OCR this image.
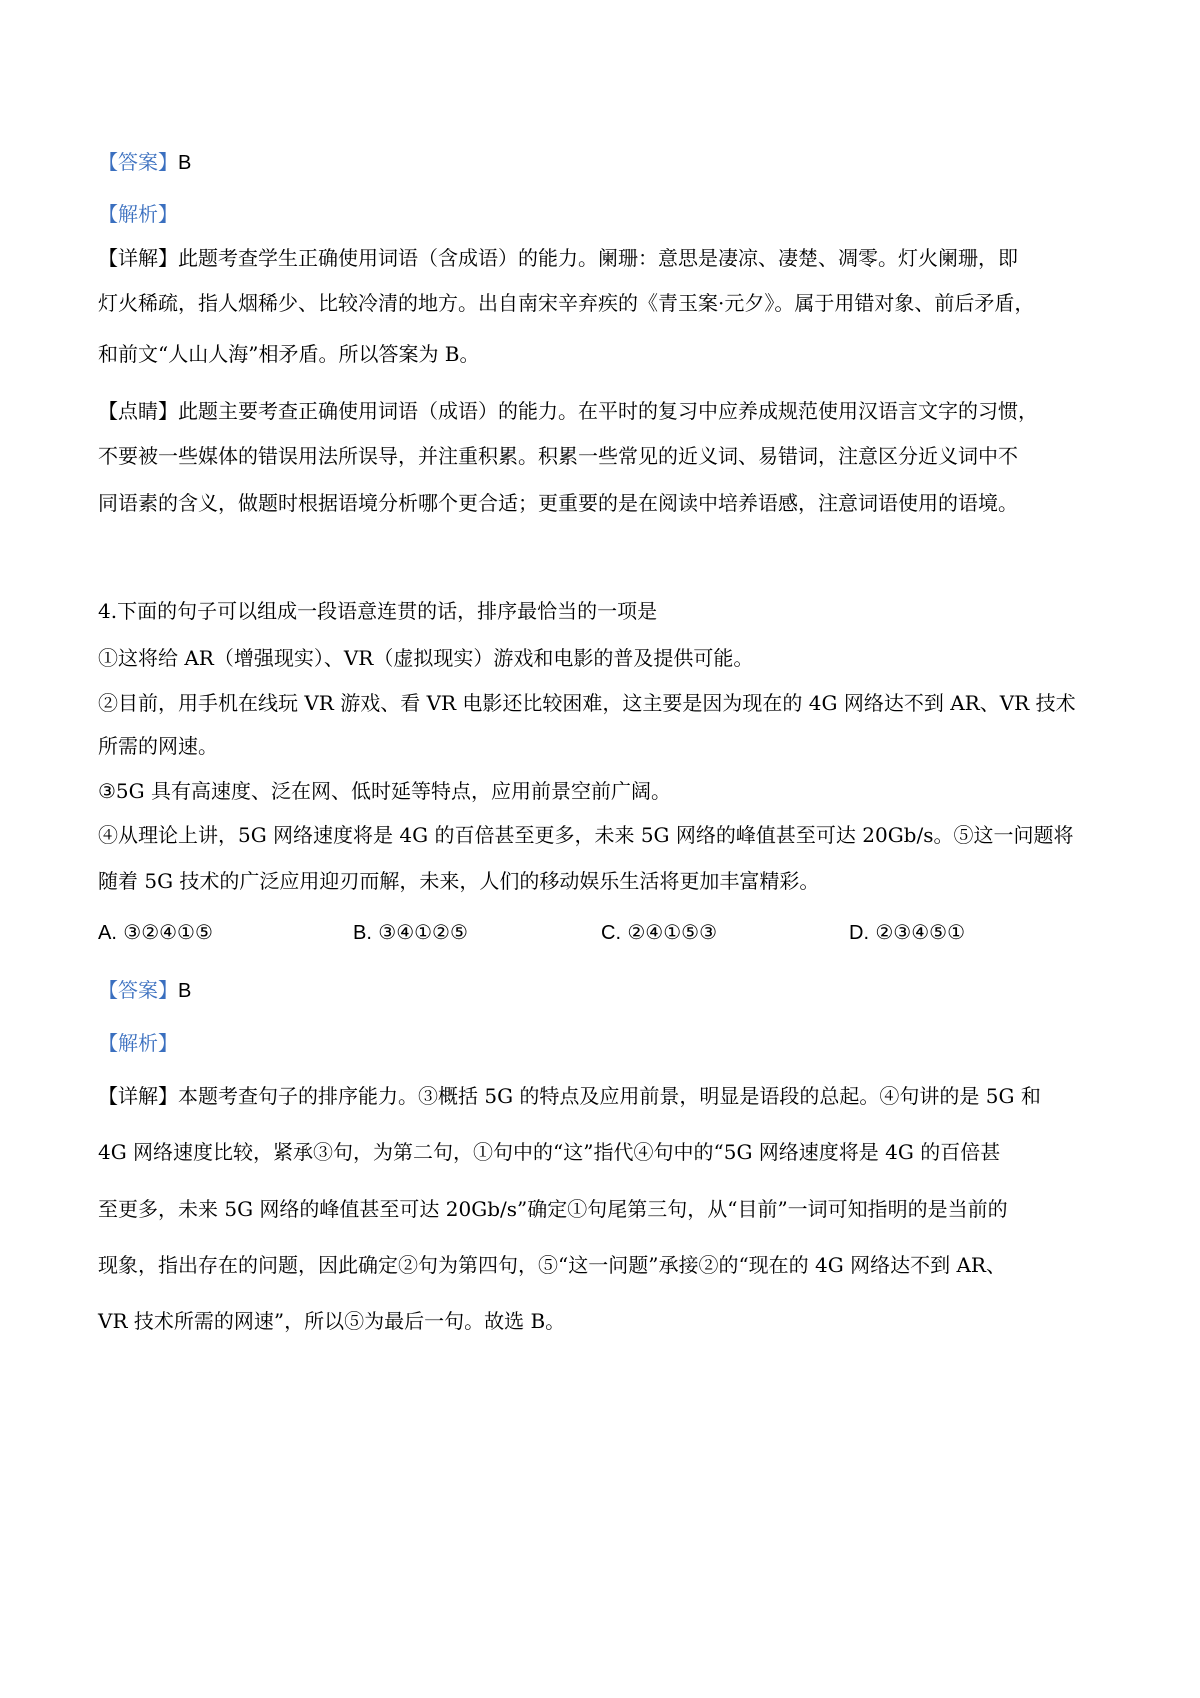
【答案】B
【解析】
【详解】此题考查学生正确使用词语（含成语）的能力。阑珊：意思是凄凉、凄楚、凋零。灯火阑珊，即
灯火稀疏，指人烟稀少、比较冷清的地方。出自南宋辛弃疾的《青玉案·元夕》。属于用错对象、前后矛盾，
和前文“人山人海”相矛盾。所以答案为 B。
【点睛】此题主要考查正确使用词语（成语）的能力。在平时的复习中应养成规范使用汉语言文字的习惯，
不要被一些媒体的错误用法所误导，并注重积累。积累一些常见的近义词、易错词，注意区分近义词中不
同语素的含义，做题时根据语境分析哪个更合适；更重要的是在阅读中培养语感，注意词语使用的语境。
4.下面的句子可以组成一段语意连贯的话，排序最恰当的一项是
①这将给 AR（增强现实）、VR（虚拟现实）游戏和电影的普及提供可能。
②目前，用手机在线玩 VR 游戏、看 VR 电影还比较困难，这主要是因为现在的 4G 网络达不到 AR、VR 技术
所需的网速。
③5G 具有高速度、泛在网、低时延等特点，应用前景空前广阔。
④从理论上讲，5G 网络速度将是 4G 的百倍甚至更多，未来 5G 网络的峰值甚至可达 20Gb/s。⑤这一问题将
随着 5G 技术的广泛应用迎刃而解，未来，人们的移动娱乐生活将更加丰富精彩。
A. ③②④①⑤	B. ③④①②⑤	C. ②④①⑤③	D. ②③④⑤①
【答案】B
【解析】
【详解】本题考查句子的排序能力。③概括 5G 的特点及应用前景，明显是语段的总起。④句讲的是 5G 和
4G 网络速度比较，紧承③句，为第二句，①句中的“这”指代④句中的“5G 网络速度将是 4G 的百倍甚
至更多，未来 5G 网络的峰值甚至可达 20Gb/s”确定①句尾第三句，从“目前”一词可知指明的是当前的
现象，指出存在的问题，因此确定②句为第四句，⑤“这一问题”承接②的“现在的 4G 网络达不到 AR、
VR 技术所需的网速”，所以⑤为最后一句。故选 B。
